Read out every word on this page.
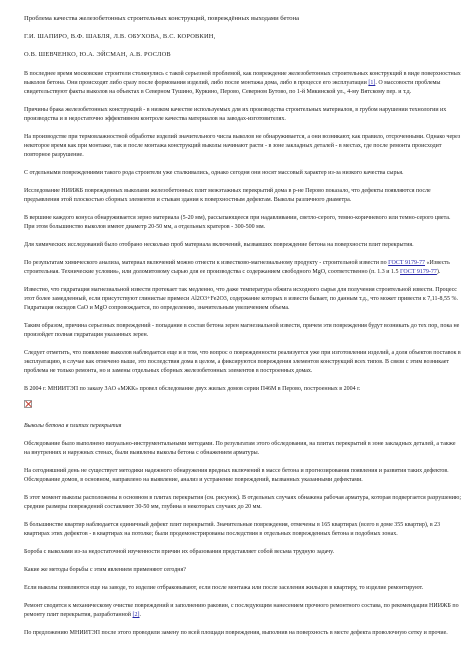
Проблема качества железобетонных строительных конструкций, повреждённых выходами бетона

Г.И. ШАПИРО, В.Ф. ШАБЛЯ, Л.В. ОБУХОВА, В.С. КОРОВКИН,

О.В. ШЕВЧЕНКО, Ю.А. ЭЙСМАН, А.В. РОСЛОВ

В последнее время московские строители столкнулись с такой серьезной проблемой, как повреждение железобетонных строительных конструкций в виде поверхностных выколов бетона. Они происходят либо сразу после формования изделий, либо после монтажа дома, либо в процессе его эксплуатации [1]. О массовости проблемы свидетельствуют факты выколов на объектах в Северном Тушино, Куркино, Перово, Северном Бутово, по 1-й Мякинской ул., 4-му Вятскому пер. и т.д.

Причины брака железобетонных конструкций - в низком качестве используемых для их производства строительных материалов, в грубом нарушении технологии их производства и в недостаточно эффективном контроле качества материалов на заводах-изготовителях.

На производстве при термовлажностной обработке изделий значительного числа выколов не обнаруживается, а они возникают, как правило, отсроченными. Однако через некоторое время как при монтаже, так и после монтажа конструкций выколы начинают расти - в зоне закладных деталей - в местах, где после ремонта происходит повторное разрушение.

С отдельными повреждениями такого рода строители уже сталкивались, однако сегодня они носят массовый характер из-за низкого качества сырья.

Исследование НИИЖБ поврежденных выколами железобетонных плит межэтажных перекрытий дома в р-не Перово показало, что дефекты появляются после предъявления этой плоскостью сборных элементов и стыкам здания к поверхностным дефектам. Выколы различного диаметра.

В вершине каждого конуса обнаруживается зерно материала (5-20 мм), рассыпающееся при надавливании, светло-серого, темно-коричневого или темно-серого цвета. При этом большинство выколов имеют диаметр 20-50 мм, а отдельных кратеров - 300-500 мм.

Для химических исследований было отобрано несколько проб материала включений, вызвавших повреждение бетона на поверхности плит перекрытия.

По результатам химического анализа, материал включений можно отнести к известково-магнезиальному продукту - строительной извести по ГОСТ 9179-77 «Известь строительная. Технические условия», или доломитовому сырью для ее производства с содержанием свободного MgO, соответственно (п. 1.3 и 1.5 ГОСТ 9179-77).

Известно, что гидратация магнезиальной извести протекает так медленно, что даже температура обжига исходного сырья для получения строительной извести. Процесс этот более замедленный, если присутствуют глинистые примеси Al2O3+Fe2O3, содержание которых в извести бывает, по данным т.д., что может привести к 7,11-8,55 %. Гидратация оксидов CaO и MgO сопровождается, по определению, значительным увеличением объема.

Таким образом, причина серьезных повреждений - попадание в состав бетона зерен магнезиальной извести, причем эти повреждения будут возникать до тех пор, пока не произойдет полная гидратация указанных зерен.

Следует отметить, что появление выколов наблюдается еще и в том, что вопрос о поврежденности реализуется уже при изготовлении изделий, а доля объектов поставок в эксплуатацию, в случае как отмечено выше, это последствия дома в целом, а фиксируются повреждения элементов конструкций всех типов. В связи с этим возникает проблема не только ремонта, но и замены отдельных сборных железобетонных элементов в построенных домах.

В 2004 г. МНИИТЭП по заказу ЗАО «МЖК» провел обследование двух жилых домов серии П46М в Перово, построенных в 2004 г.

Выколы бетона в плитах перекрытия

Обследование было выполнено визуально-инструментальными методами. По результатам этого обследования, на плитах перекрытий в зоне закладных деталей, а также на внутренних и наружных стенах, были выявлены выколы бетона с обнажением арматуры.

На сегодняшний день не существует методики надежного обнаружения вредных включений в массе бетона и прогнозирования появления и развития таких дефектов. Обследование домов, в основном, направлено на выявление, анализ и устранение повреждений, вызванных указанными дефектами.

В этот момент выколы расположены в основном в плитах перекрытия (см. рисунок). В отдельных случаях обнажена рабочая арматура, которая подвергается разрушению; средние размеры повреждений составляют 30-50 мм, глубина в некоторых случаях до 20 мм.

В большинстве квартир наблюдается единичный дефект плит перекрытий. Значительные повреждения, отмечены в 165 квартирах (всего в доме 355 квартир), в 23 квартирах этих дефектов - в квартирах на потолке; были продемонстрированы последствия в отдельных поврежденных бетона и подобных зонах.

Бороба с выколами из-за недостаточной изученности причин их образования представляет собой весьма трудную задачу.

Какие же методы борьбы с этим явлением применяют сегодня?

Если выколы появляются еще на заводе, то изделие отбраковывают, если после монтажа или после заселения жильцов в квартиру, то изделие ремонтируют.

Ремонт сводится к механическому очистке повреждений и заполнению раковин, с последующим нанесением прочного ремонтного состава, по рекомендации НИИЖБ по ремонту плит перекрытия, разработанной [2].

По предложению МНИИТЭП после этого проводили замену по всей площади повреждения, выполнив на поверхность в месте дефекта проволочную сетку и прочие.
